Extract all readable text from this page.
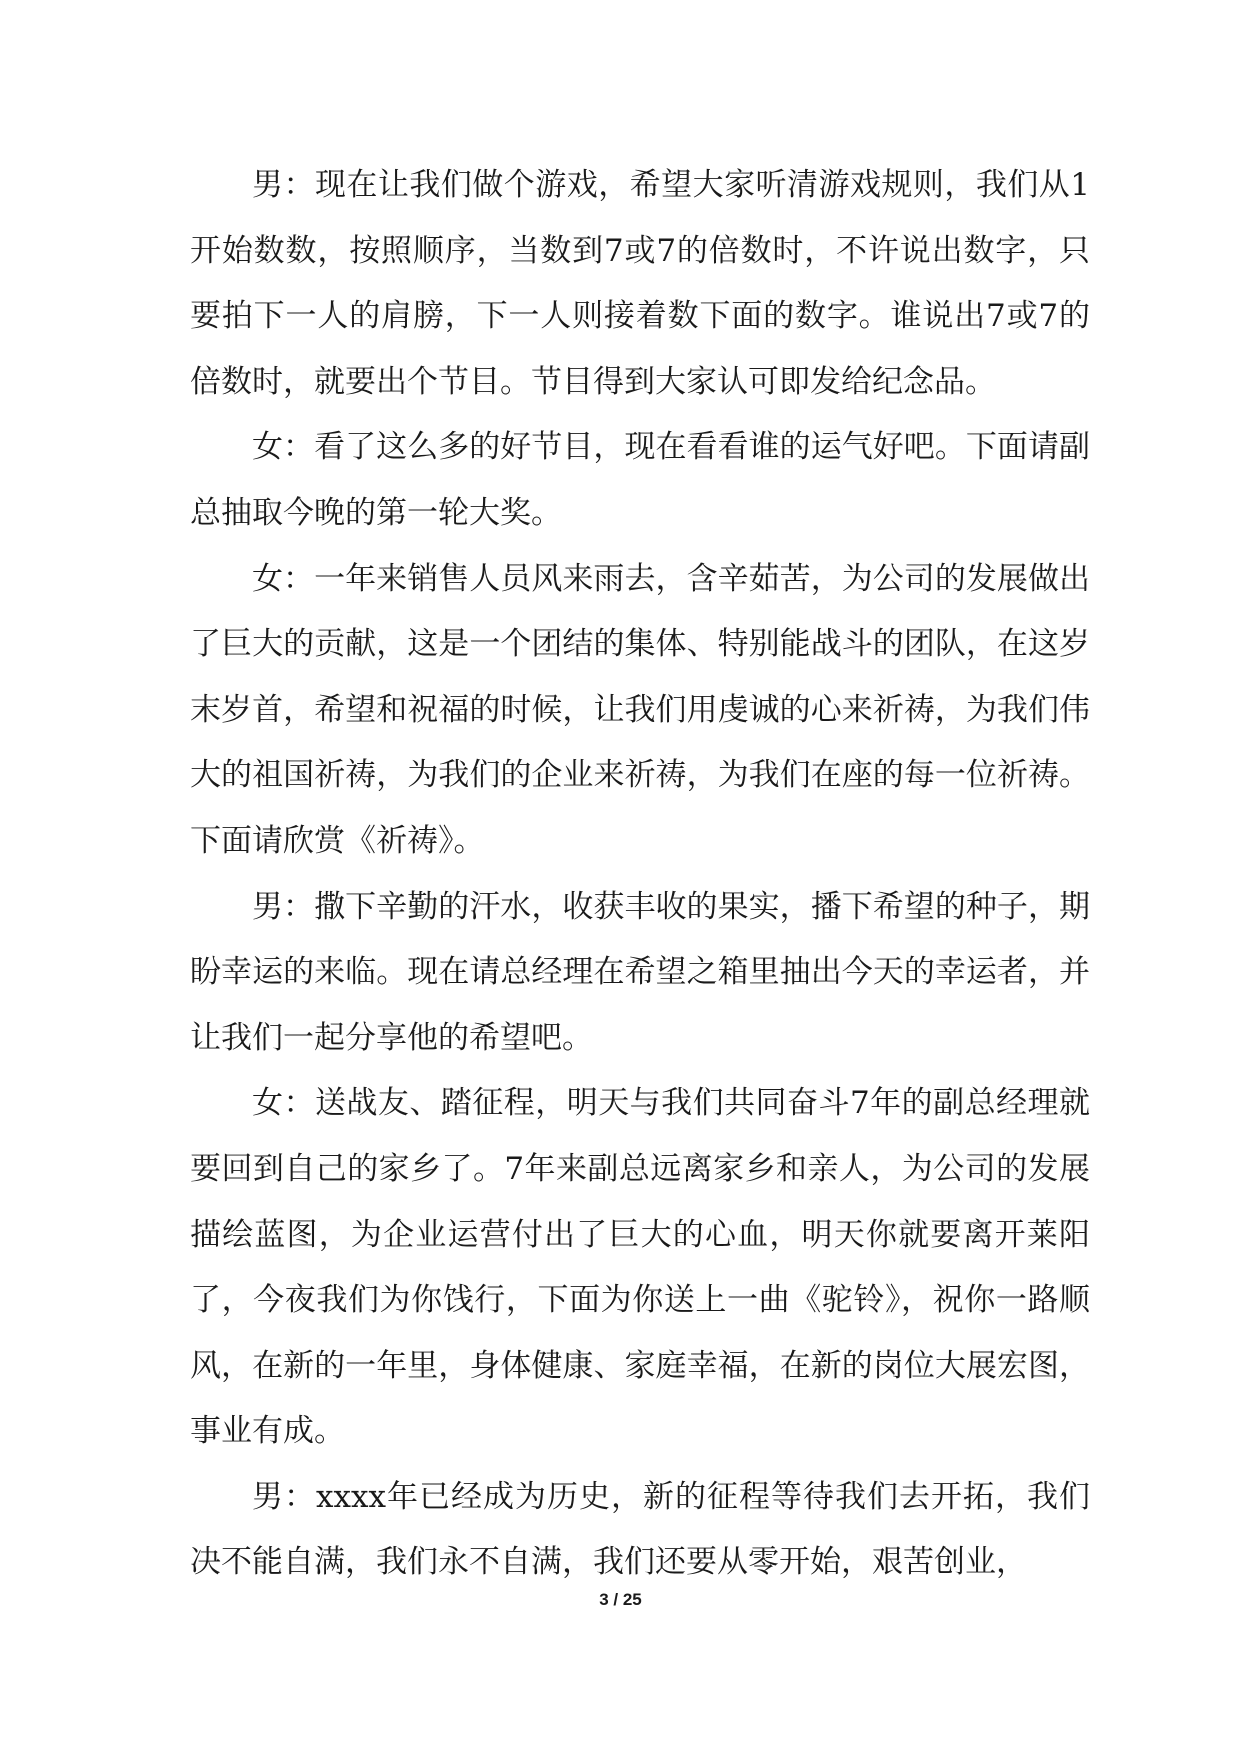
男：现在让我们做个游戏，希望大家听清游戏规则，我们从1开始数数，按照顺序，当数到7或7的倍数时，不许说出数字，只要拍下一人的肩膀，下一人则接着数下面的数字。谁说出7或7的倍数时，就要出个节目。节目得到大家认可即发给纪念品。

女：看了这么多的好节目，现在看看谁的运气好吧。下面请副总抽取今晚的第一轮大奖。

女：一年来销售人员风来雨去，含辛茹苦，为公司的发展做出了巨大的贡献，这是一个团结的集体、特别能战斗的团队，在这岁末岁首，希望和祝福的时候，让我们用虔诚的心来祈祷，为我们伟大的祖国祈祷，为我们的企业来祈祷，为我们在座的每一位祈祷。下面请欣赏《祈祷》。

男：撒下辛勤的汗水，收获丰收的果实，播下希望的种子，期盼幸运的来临。现在请总经理在希望之箱里抽出今天的幸运者，并让我们一起分享他的希望吧。

女：送战友、踏征程，明天与我们共同奋斗7年的副总经理就要回到自己的家乡了。7年来副总远离家乡和亲人，为公司的发展描绘蓝图，为企业运营付出了巨大的心血，明天你就要离开莱阳了，今夜我们为你饯行，下面为你送上一曲《驼铃》，祝你一路顺风，在新的一年里，身体健康、家庭幸福，在新的岗位大展宏图，事业有成。

男：xxxx年已经成为历史，新的征程等待我们去开拓，我们决不能自满，我们永不自满，我们还要从零开始，艰苦创业，

3 / 25
